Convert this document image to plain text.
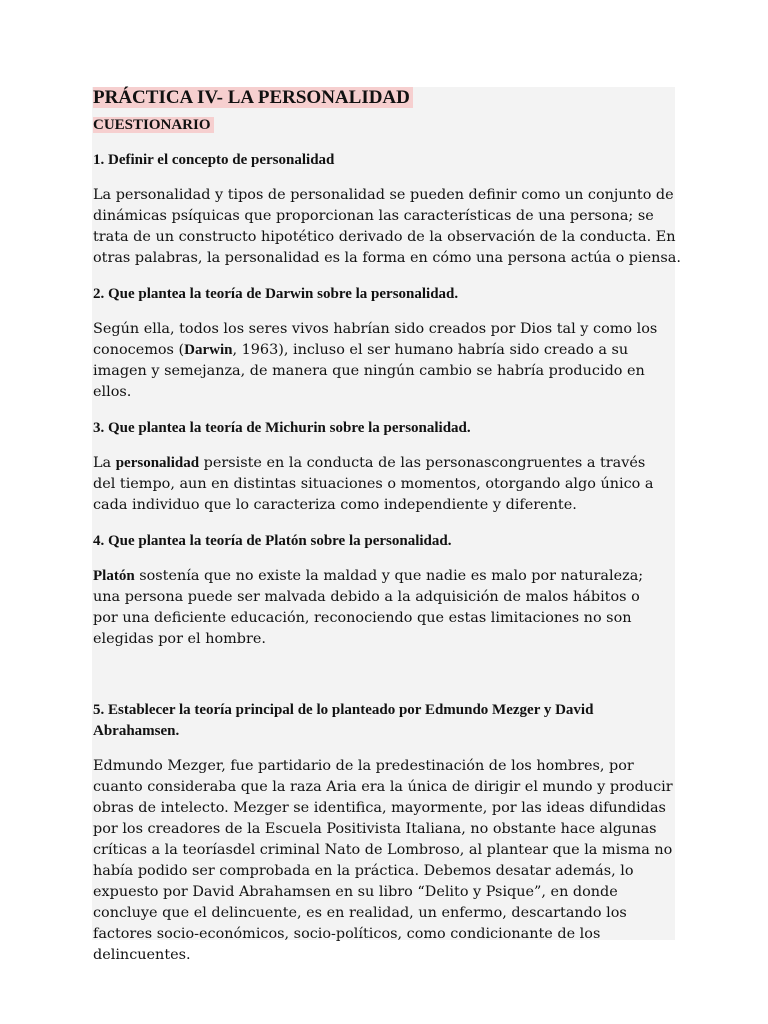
PRÁCTICA IV- LA PERSONALIDAD

CUESTIONARIO

1. Definir el concepto de personalidad

La personalidad y tipos de personalidad se pueden definir como un conjunto de dinámicas psíquicas que proporcionan las características de una persona; se trata de un constructo hipotético derivado de la observación de la conducta. En otras palabras, la personalidad es la forma en cómo una persona actúa o piensa.

2. Que plantea la teoría de Darwin sobre la personalidad.

Según ella, todos los seres vivos habrían sido creados por Dios tal y como los conocemos (Darwin, 1963), incluso el ser humano habría sido creado a su imagen y semejanza, de manera que ningún cambio se habría producido en ellos.

3. Que plantea la teoría de Michurin sobre la personalidad.

La personalidad persiste en la conducta de las personascongruentes a través del tiempo, aun en distintas situaciones o momentos, otorgando algo único a cada individuo que lo caracteriza como independiente y diferente.

4. Que plantea la teoría de Platón sobre la personalidad.

Platón sostenía que no existe la maldad y que nadie es malo por naturaleza; una persona puede ser malvada debido a la adquisición de malos hábitos o por una deficiente educación, reconociendo que estas limitaciones no son elegidas por el hombre.

5. Establecer la teoría principal de lo planteado por Edmundo Mezger y David Abrahamsen.

Edmundo Mezger, fue partidario de la predestinación de los hombres, por cuanto consideraba que la raza Aria era la única de dirigir el mundo y producir obras de intelecto. Mezger se identifica, mayormente, por las ideas difundidas por los creadores de la Escuela Positivista Italiana, no obstante hace algunas críticas a la teoríasdel criminal Nato de Lombroso, al plantear que la misma no había podido ser comprobada en la práctica. Debemos desatar además, lo expuesto por David Abrahamsen en su libro “Delito y Psique”, en donde concluye que el delincuente, es en realidad, un enfermo, descartando los factores socio-económicos, socio-políticos, como condicionante de los delincuentes.
